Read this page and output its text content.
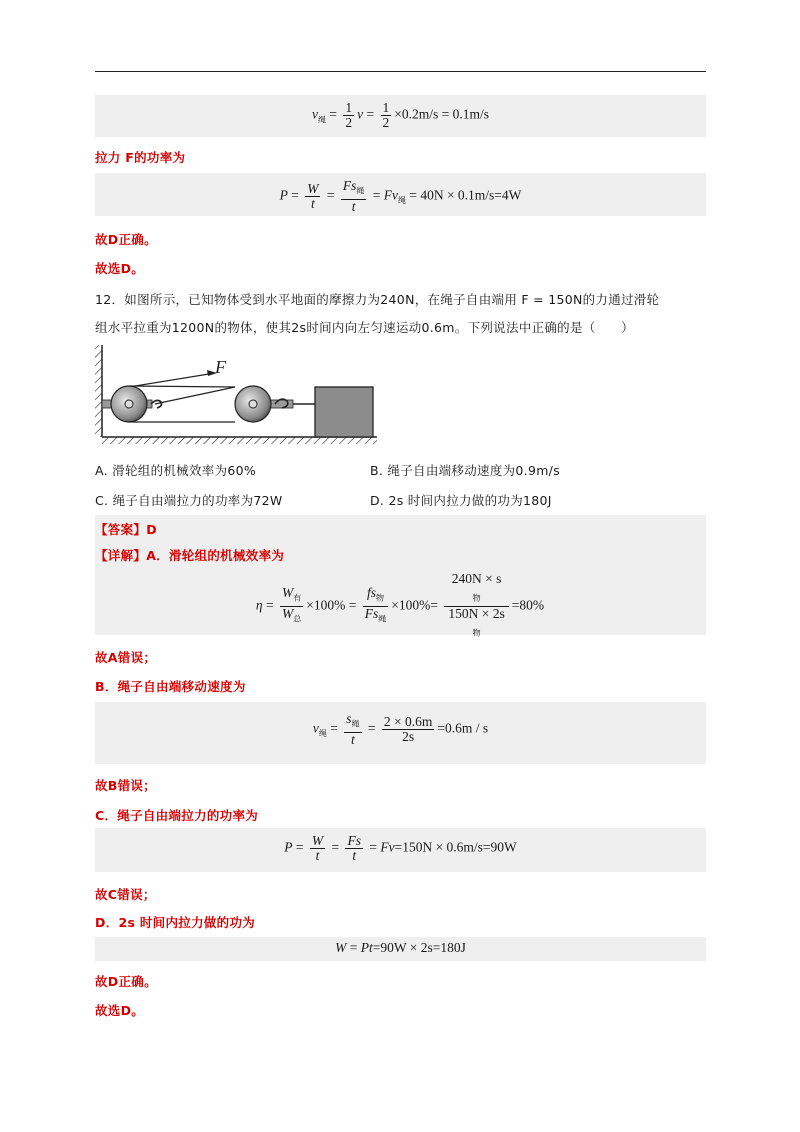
$v_绳 = \frac{1}{2}$ $v = \frac{1}{2} \times 0.2m/s = 0.1m/s$
拉力 F的功率为
$P = \frac{W}{t} = \frac{Fs_绳}{t} = Fv_绳 = 40N \times 0.1m/s=4W$
故D正确。
故选D。
12．如图所示，已知物体受到水平地面的摩擦力为240N，在绳子自由端用 F = 150N的力通过滑轮
组水平拉重为1200N的物体，使其2s时间内向左匀速运动0.6m。下列说法中正确的是（　　）
F
A. 滑轮组的机械效率为60%	B. 绳子自由端移动速度为0.9m/s
C. 绳子自由端拉力的功率为72W	D. 2s 时间内拉力做的功为180J
【答案】D
【详解】A．滑轮组的机械效率为
$\eta = \frac{W_有}{W_总} \times 100\% = \frac{fs_物}{Fs_绳} \times 100\%= 240N \times s$
$_物$
150N × 2s
$_物$ =80%
故A错误；
B．绳子自由端移动速度为
$v_绳 = \frac{s_绳}{t} = \frac{2 \times 0.6m}{2s} =0.6m / s$
故B错误；
C．绳子自由端拉力的功率为
$P = \frac{W}{t} = \frac{Fs}{t} = Fv=150N \times 0.6m/s=90W$
故C错误；
D．2s 时间内拉力做的功为
W = Pt=90W × 2s=180J
故D正确。
故选D。
